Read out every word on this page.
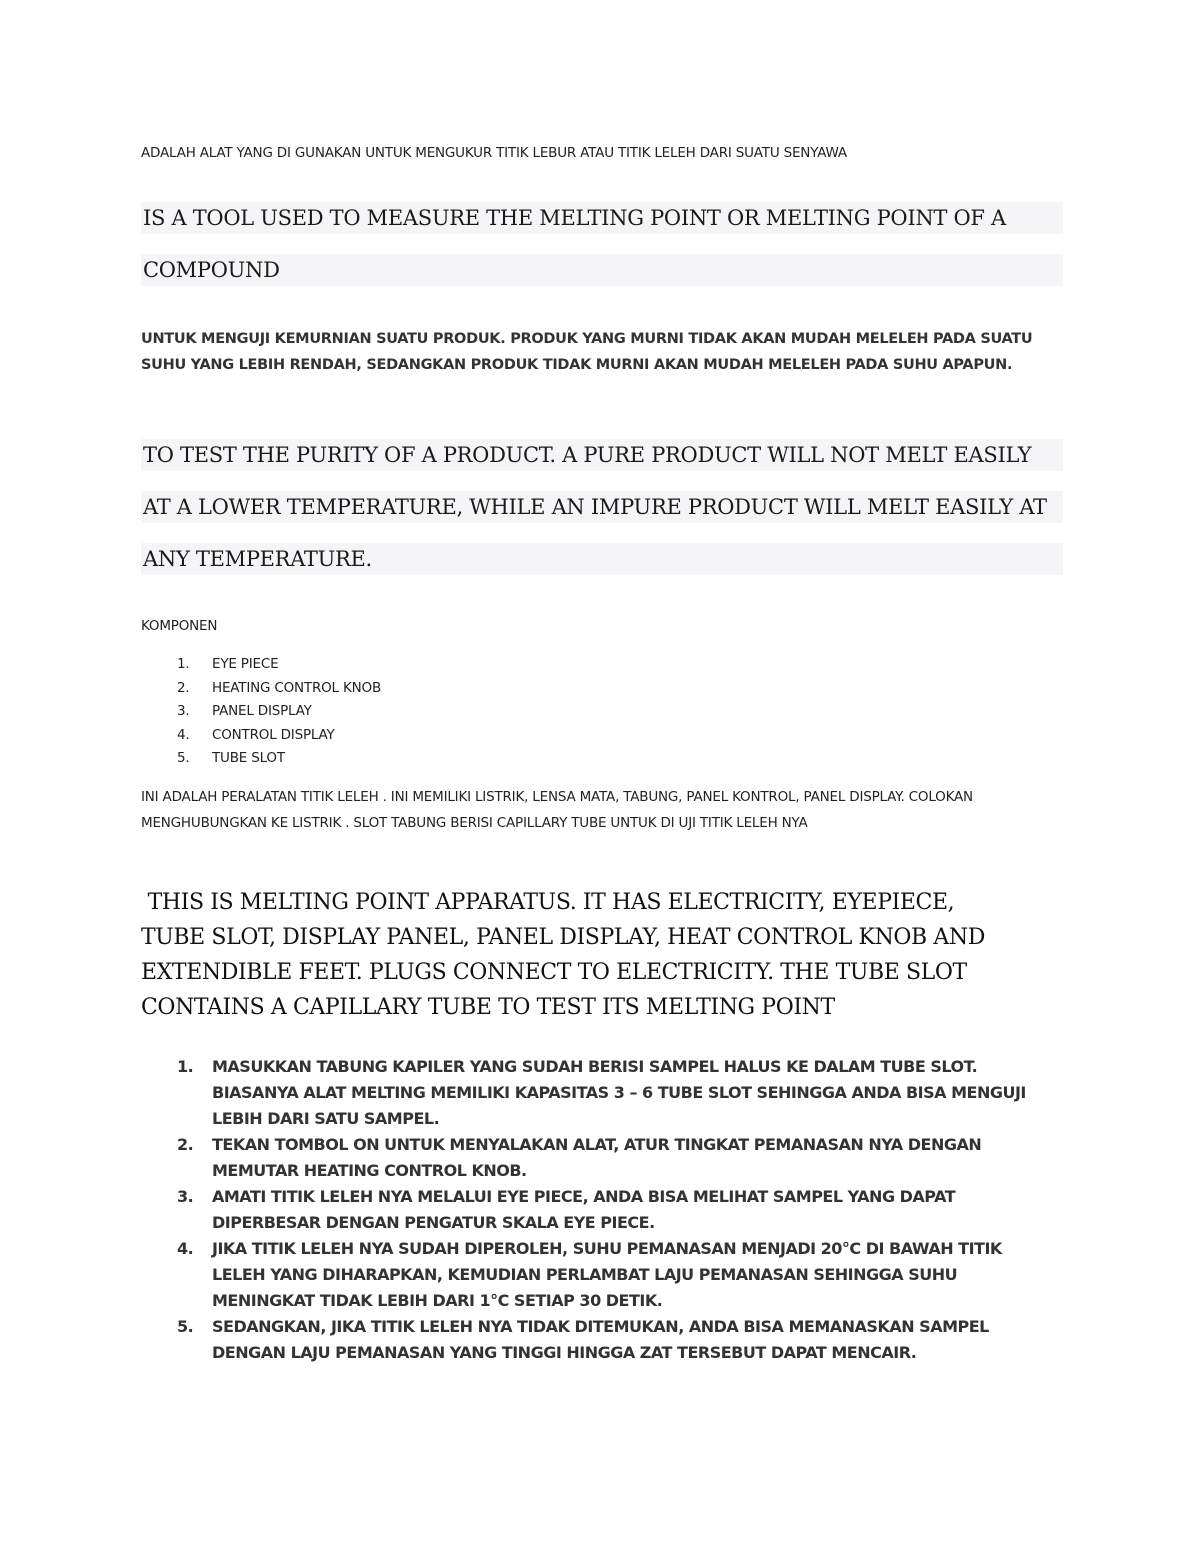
ADALAH ALAT YANG DI GUNAKAN UNTUK MENGUKUR TITIK LEBUR ATAU TITIK LELEH DARI SUATU SENYAWA
IS A TOOL USED TO MEASURE THE MELTING POINT OR MELTING POINT OF A
COMPOUND
UNTUK MENGUJI KEMURNIAN SUATU PRODUK. PRODUK YANG MURNI TIDAK AKAN MUDAH MELELEH PADA SUATU SUHU YANG LEBIH RENDAH, SEDANGKAN PRODUK TIDAK MURNI AKAN MUDAH MELELEH PADA SUHU APAPUN.
TO TEST THE PURITY OF A PRODUCT. A PURE PRODUCT WILL NOT MELT EASILY
AT A LOWER TEMPERATURE, WHILE AN IMPURE PRODUCT WILL MELT EASILY AT
ANY TEMPERATURE.
KOMPONEN
1. EYE PIECE
2. HEATING CONTROL KNOB
3. PANEL DISPLAY
4. CONTROL DISPLAY
5. TUBE SLOT
INI ADALAH PERALATAN TITIK LELEH . INI MEMILIKI LISTRIK, LENSA MATA, TABUNG, PANEL KONTROL, PANEL DISPLAY. COLOKAN MENGHUBUNGKAN KE LISTRIK . SLOT TABUNG BERISI CAPILLARY TUBE UNTUK DI UJI TITIK LELEH NYA
THIS IS MELTING POINT APPARATUS. IT HAS ELECTRICITY, EYEPIECE,
TUBE SLOT, DISPLAY PANEL, PANEL DISPLAY, HEAT CONTROL KNOB AND
EXTENDIBLE FEET. PLUGS CONNECT TO ELECTRICITY. THE TUBE SLOT
CONTAINS A CAPILLARY TUBE TO TEST ITS MELTING POINT
1. MASUKKAN TABUNG KAPILER YANG SUDAH BERISI SAMPEL HALUS KE DALAM TUBE SLOT. BIASANYA ALAT MELTING MEMILIKI KAPASITAS 3 – 6 TUBE SLOT SEHINGGA ANDA BISA MENGUJI LEBIH DARI SATU SAMPEL.
2. TEKAN TOMBOL ON UNTUK MENYALAKAN ALAT, ATUR TINGKAT PEMANASAN NYA DENGAN MEMUTAR HEATING CONTROL KNOB.
3. AMATI TITIK LELEH NYA MELALUI EYE PIECE, ANDA BISA MELIHAT SAMPEL YANG DAPAT DIPERBESAR DENGAN PENGATUR SKALA EYE PIECE.
4. JIKA TITIK LELEH NYA SUDAH DIPEROLEH, SUHU PEMANASAN MENJADI 20°C DI BAWAH TITIK LELEH YANG DIHARAPKAN, KEMUDIAN PERLAMBAT LAJU PEMANASAN SEHINGGA SUHU MENINGKAT TIDAK LEBIH DARI 1°C SETIAP 30 DETIK.
5. SEDANGKAN, JIKA TITIK LELEH NYA TIDAK DITEMUKAN, ANDA BISA MEMANASKAN SAMPEL DENGAN LAJU PEMANASAN YANG TINGGI HINGGA ZAT TERSEBUT DAPAT MENCAIR.
